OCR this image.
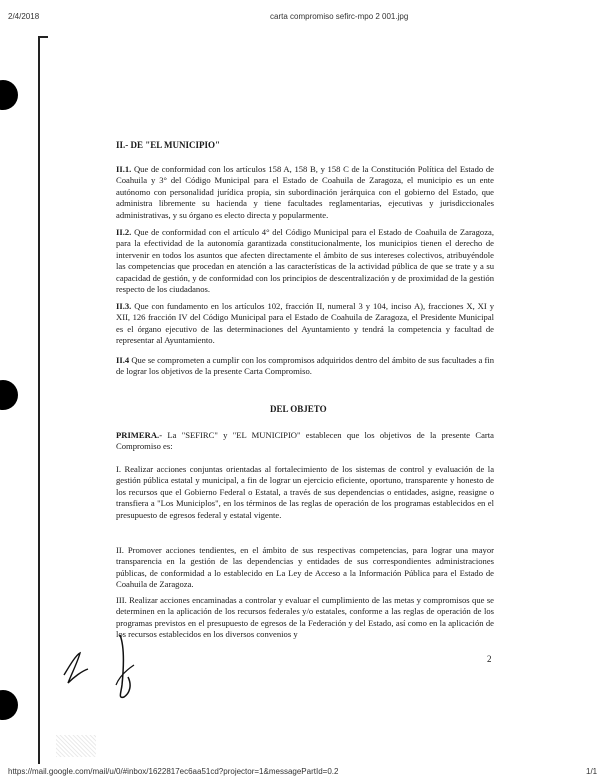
2/4/2018	carta compromiso sefirc-mpo 2 001.jpg
II.- DE "EL MUNICIPIO"
II.1. Que de conformidad con los artículos 158 A, 158 B, y 158 C de la Constitución Política del Estado de Coahuila y 3° del Código Municipal para el Estado de Coahuila de Zaragoza, el municipio es un ente autónomo con personalidad jurídica propia, sin subordinación jerárquica con el gobierno del Estado, que administra libremente su hacienda y tiene facultades reglamentarias, ejecutivas y jurisdiccionales administrativas, y su órgano es electo directa y popularmente.
II.2. Que de conformidad con el artículo 4° del Código Municipal para el Estado de Coahuila de Zaragoza, para la efectividad de la autonomía garantizada constitucionalmente, los municipios tienen el derecho de intervenir en todos los asuntos que afecten directamente el ámbito de sus intereses colectivos, atribuyéndole las competencias que procedan en atención a las características de la actividad pública de que se trate y a su capacidad de gestión, y de conformidad con los principios de descentralización y de proximidad de la gestión respecto de los ciudadanos.
II.3. Que con fundamento en los artículos 102, fracción II, numeral 3 y 104, inciso A), fracciones X, XI y XII, 126 fracción IV del Código Municipal para el Estado de Coahuila de Zaragoza, el Presidente Municipal es el órgano ejecutivo de las determinaciones del Ayuntamiento y tendrá la competencia y facultad de representar al Ayuntamiento.
II.4 Que se comprometen a cumplir con los compromisos adquiridos dentro del ámbito de sus facultades a fin de lograr los objetivos de la presente Carta Compromiso.
DEL OBJETO
PRIMERA.- La "SEFIRC" y "EL MUNICIPIO" establecen que los objetivos de la presente Carta Compromiso es:
I. Realizar acciones conjuntas orientadas al fortalecimiento de los sistemas de control y evaluación de la gestión pública estatal y municipal, a fin de lograr un ejercicio eficiente, oportuno, transparente y honesto de los recursos que el Gobierno Federal o Estatal, a través de sus dependencias o entidades, asigne, reasigne o transfiera a "Los Municiplos", en los términos de las reglas de operación de los programas establecidos en el presupuesto de egresos federal y estatal vigente.
II. Promover acciones tendientes, en el ámbito de sus respectivas competencias, para lograr una mayor transparencia en la gestión de las dependencias y entidades de sus correspondientes administraciones públicas, de conformidad a lo establecido en La Ley de Acceso a la Información Pública para el Estado de Coahuila de Zaragoza.
III. Realizar acciones encaminadas a controlar y evaluar el cumplimiento de las metas y compromisos que se determinen en la aplicación de los recursos federales y/o estatales, conforme a las reglas de operación de los programas previstos en el presupuesto de egresos de la Federación y del Estado, así como en la aplicación de los recursos establecidos en los diversos convenios y
2
https://mail.google.com/mail/u/0/#inbox/1622817ec6aa51cd?projector=1&messagePartId=0.2	1/1
